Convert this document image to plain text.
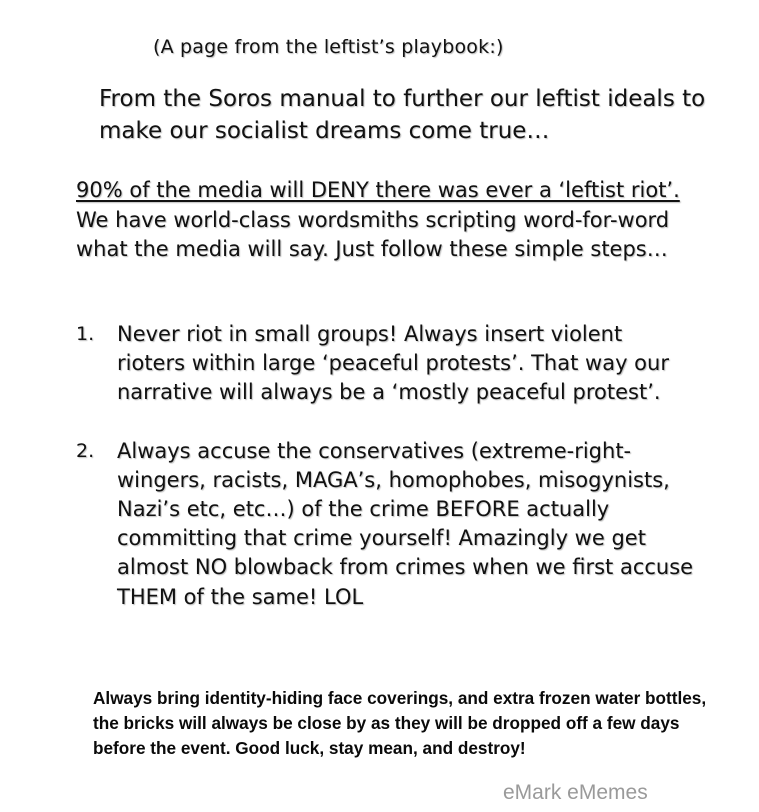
(A page from the leftist’s playbook:)
From the Soros manual to further our leftist ideals to make our socialist dreams come true…
90% of the media will DENY there was ever a ‘leftist riot’. We have world-class wordsmiths scripting word-for-word what the media will say. Just follow these simple steps…
1.	Never riot in small groups! Always insert violent rioters within large ‘peaceful protests’. That way our narrative will always be a ‘mostly peaceful protest’.
2.	Always accuse the conservatives (extreme-right-wingers, racists, MAGA’s, homophobes, misogynists, Nazi’s etc, etc…) of the crime BEFORE actually committing that crime yourself! Amazingly we get almost NO blowback from crimes when we first accuse THEM of the same! LOL
Always bring identity-hiding face coverings, and extra frozen water bottles, the bricks will always be close by as they will be dropped off a few days before the event. Good luck, stay mean, and destroy!
eMark eMemes
